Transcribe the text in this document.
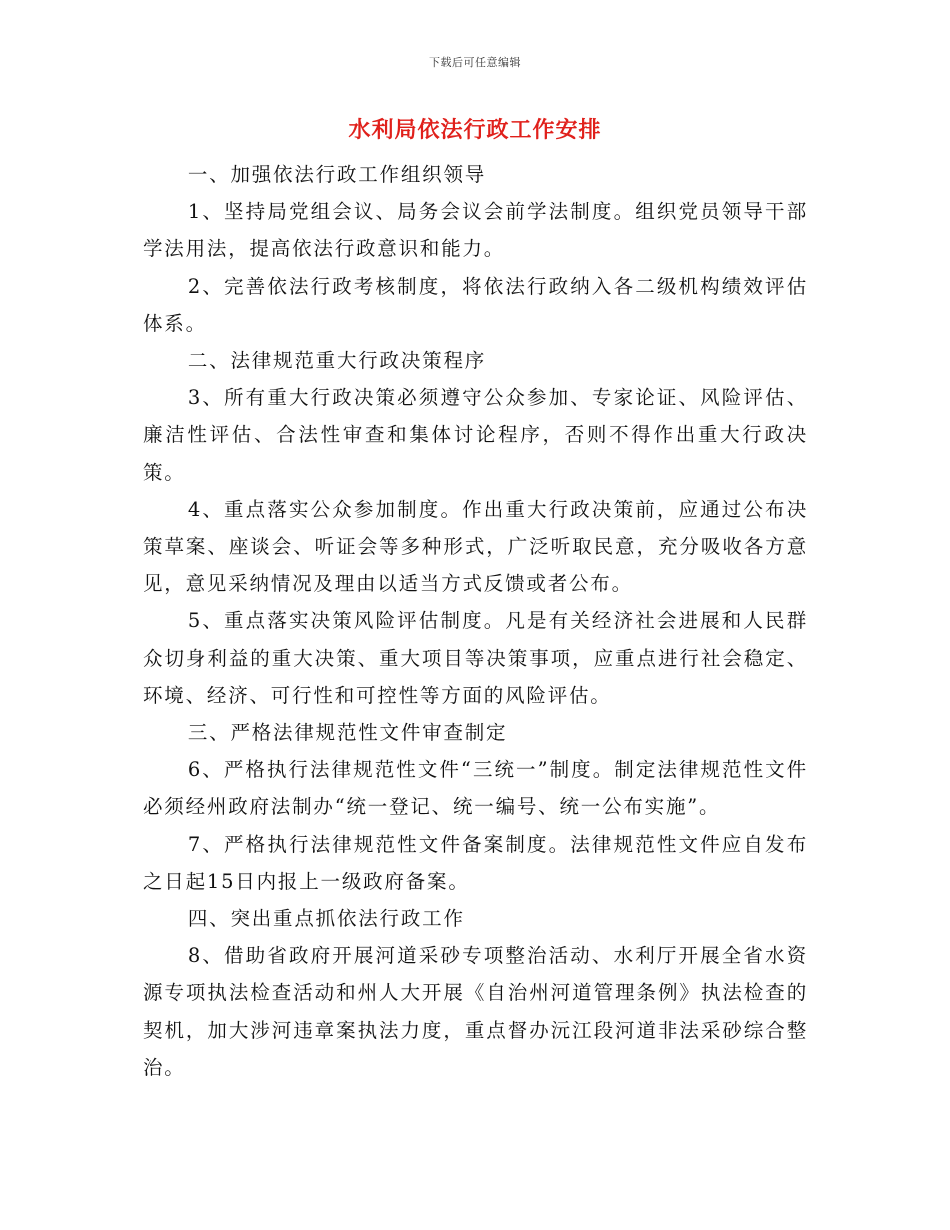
下载后可任意编辑
水利局依法行政工作安排

一、加强依法行政工作组织领导

1、坚持局党组会议、局务会议会前学法制度。组织党员领导干部学法用法，提高依法行政意识和能力。

2、完善依法行政考核制度，将依法行政纳入各二级机构绩效评估体系。

二、法律规范重大行政决策程序

3、所有重大行政决策必须遵守公众参加、专家论证、风险评估、廉洁性评估、合法性审查和集体讨论程序，否则不得作出重大行政决策。

4、重点落实公众参加制度。作出重大行政决策前，应通过公布决策草案、座谈会、听证会等多种形式，广泛听取民意，充分吸收各方意见，意见采纳情况及理由以适当方式反馈或者公布。

5、重点落实决策风险评估制度。凡是有关经济社会进展和人民群众切身利益的重大决策、重大项目等决策事项，应重点进行社会稳定、环境、经济、可行性和可控性等方面的风险评估。

三、严格法律规范性文件审查制定

6、严格执行法律规范性文件“三统一”制度。制定法律规范性文件必须经州政府法制办“统一登记、统一编号、统一公布实施”。

7、严格执行法律规范性文件备案制度。法律规范性文件应自发布之日起15日内报上一级政府备案。

四、突出重点抓依法行政工作

8、借助省政府开展河道采砂专项整治活动、水利厅开展全省水资源专项执法检查活动和州人大开展《自治州河道管理条例》执法检查的契机，加大涉河违章案执法力度，重点督办沅江段河道非法采砂综合整治。
